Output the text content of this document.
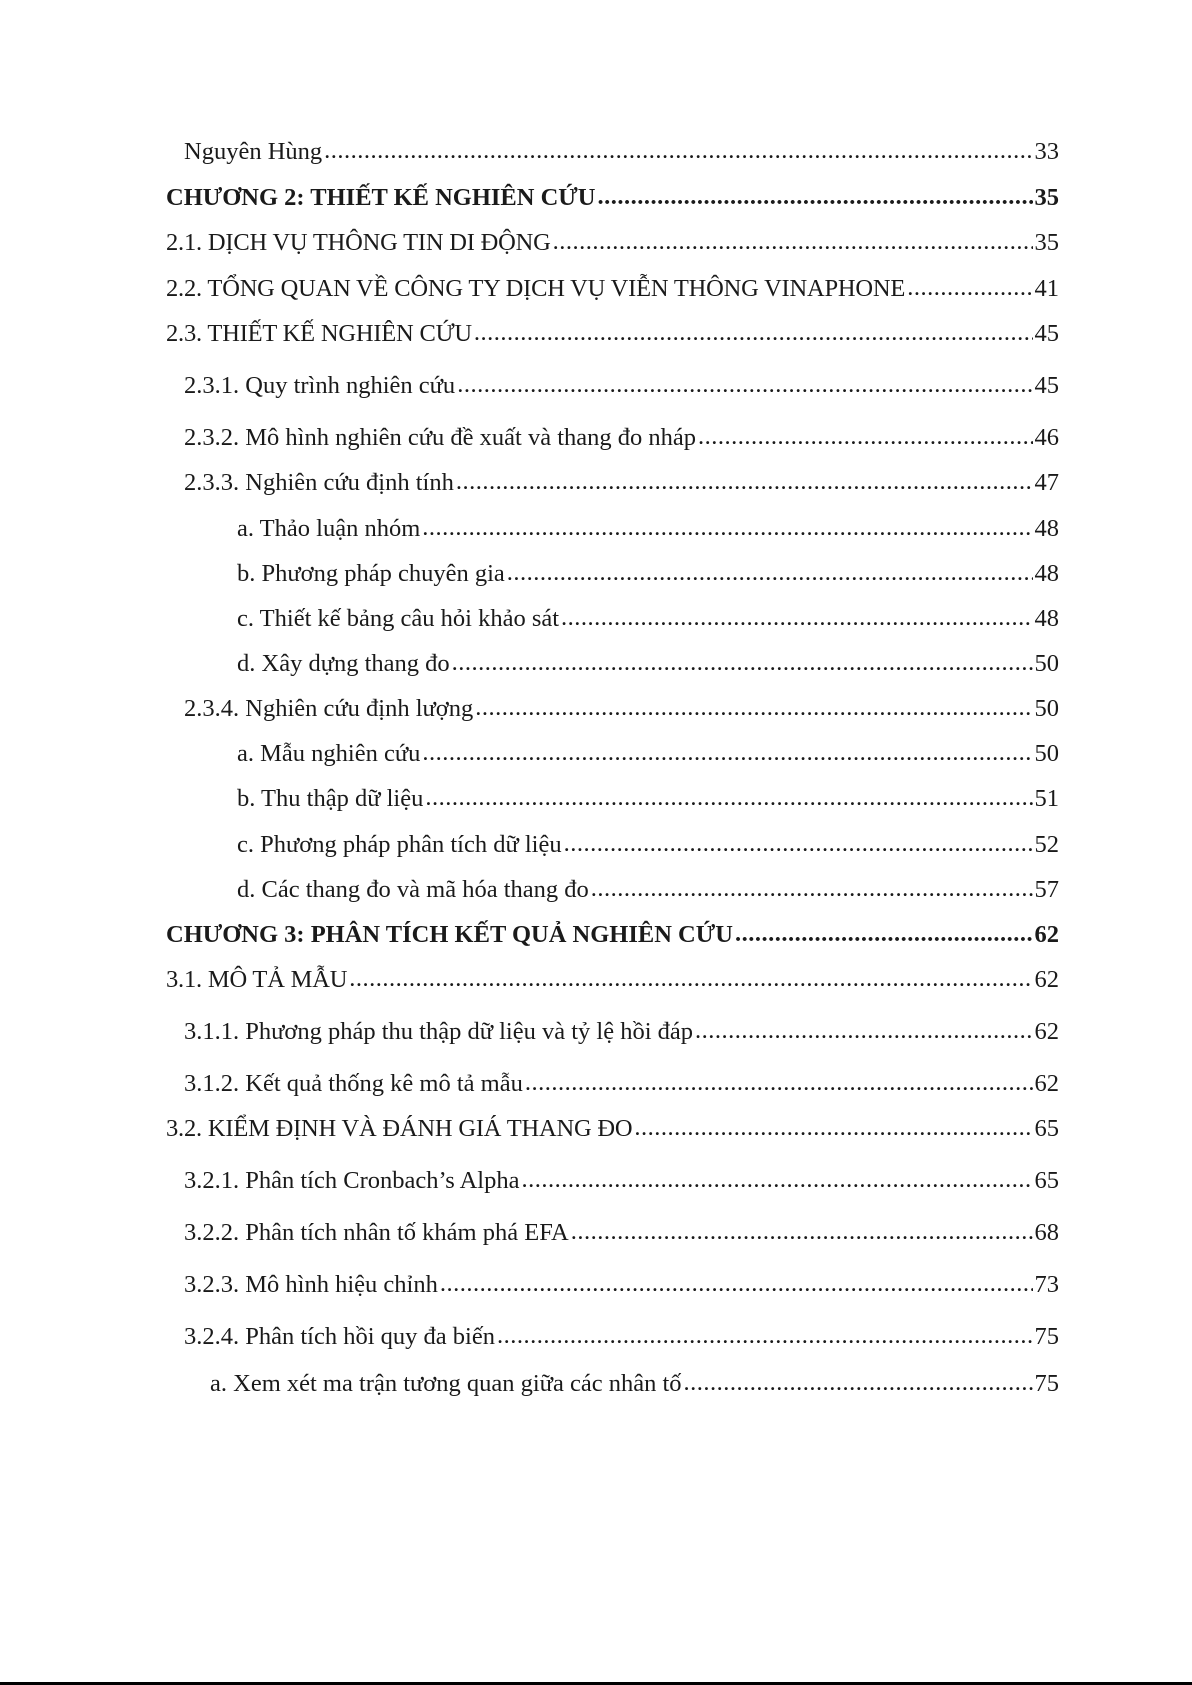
Nguyên Hùng .....	33
CHƯƠNG 2: THIẾT KẾ NGHIÊN CỨU .....	35
2.1. DỊCH VỤ THÔNG TIN DI ĐỘNG .....	35
2.2. TỔNG QUAN VỀ CÔNG TY DỊCH VỤ VIỄN THÔNG VINAPHONE .....	41
2.3. THIẾT KẾ NGHIÊN CỨU .....	45
2.3.1. Quy trình nghiên cứu .....	45
2.3.2. Mô hình nghiên cứu đề xuất và thang đo nháp .....	46
2.3.3. Nghiên cứu định tính .....	47
a. Thảo luận nhóm .....	48
b. Phương pháp chuyên gia .....	48
c. Thiết kế bảng câu hỏi khảo sát .....	48
d. Xây dựng thang đo .....	50
2.3.4. Nghiên cứu định lượng .....	50
a. Mẫu nghiên cứu .....	50
b. Thu thập dữ liệu .....	51
c. Phương pháp phân tích dữ liệu .....	52
d. Các thang đo và mã hóa thang đo .....	57
CHƯƠNG 3: PHÂN TÍCH KẾT QUẢ NGHIÊN CỨU .....	62
3.1. MÔ TẢ MẪU .....	62
3.1.1. Phương pháp thu thập dữ liệu và tỷ lệ hồi đáp .....	62
3.1.2. Kết quả thống kê mô tả mẫu .....	62
3.2. KIỂM ĐỊNH VÀ ĐÁNH GIÁ THANG ĐO .....	65
3.2.1. Phân tích Cronbach’s Alpha .....	65
3.2.2. Phân tích nhân tố khám phá EFA .....	68
3.2.3. Mô hình hiệu chỉnh .....	73
3.2.4. Phân tích hồi quy đa biến .....	75
a. Xem xét ma trận tương quan giữa các nhân tố .....	75
